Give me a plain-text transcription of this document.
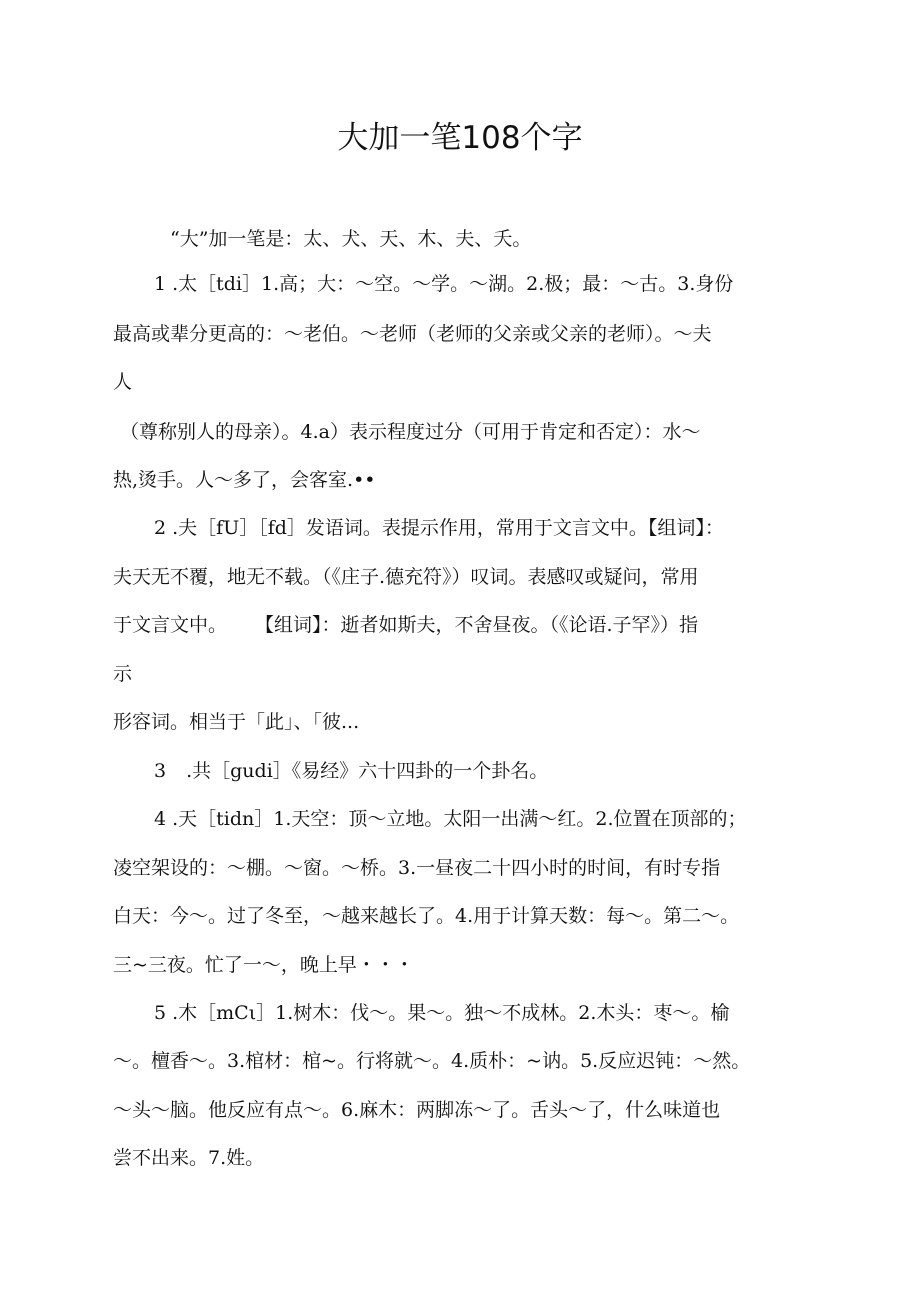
大加一笔108个字

“大”加一笔是：太、犬、天、木、夫、夭。

1 .太［tdi］1.高；大：～空。～学。～湖。2.极；最：～古。3.身份

最高或辈分更高的：～老伯。～老师（老师的父亲或父亲的老师）。～夫

人

（尊称别人的母亲）。4.a）表示程度过分（可用于肯定和否定）：水～

热,烫手。人～多了，会客室.••

2 .夫［fU］［fd］发语词。表提示作用，常用于文言文中。【组词】：

夫天无不覆，地无不载。（《庄子.德充符》）叹词。表感叹或疑问，常用

于文言文中。 【组词】：逝者如斯夫，不舍昼夜。（《论语.子罕》）指

示

形容词。相当于「此」、「彼...

3 .共［gudi］《易经》六十四卦的一个卦名。

4 .天［tidn］1.天空：顶～立地。太阳一出满～红。2.位置在顶部的；

凌空架设的：～棚。～窗。～桥。3.一昼夜二十四小时的时间，有时专指

白天：今～。过了冬至，～越来越长了。4.用于计算天数：每～。第二～。

三~三夜。忙了一～，晚上早・・・

5 .木［mCι］1.树木：伐～。果～。独～不成林。2.木头：枣～。榆

～。檀香～。3.棺材：棺~。行将就～。4.质朴：~讷。5.反应迟钝：～然。

～头～脑。他反应有点～。6.麻木：两脚冻～了。舌头～了，什么味道也

尝不出来。7.姓。
